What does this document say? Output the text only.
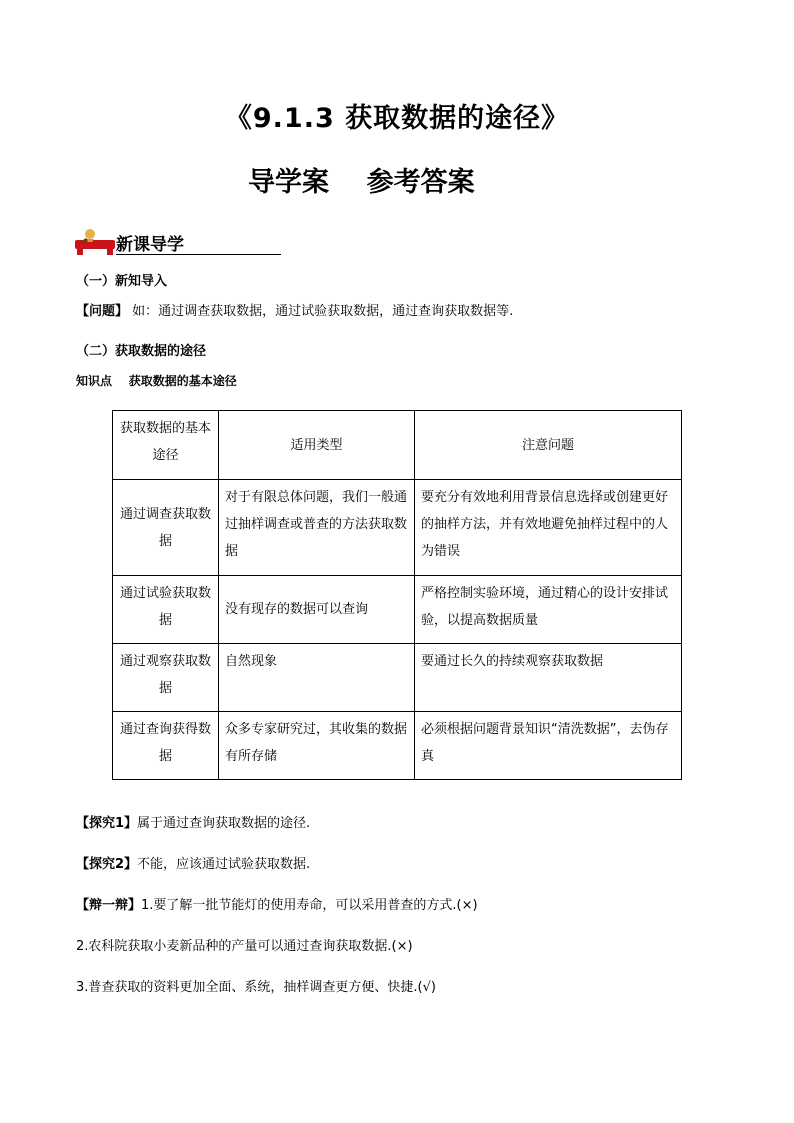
《9.1.3 获取数据的途径》
导学案 参考答案
新课导学
（一）新知导入
【问题】 如：通过调查获取数据，通过试验获取数据，通过查询获取数据等.
（二）获取数据的途径
知识点 获取数据的基本途径
获取数据的基本途径	适用类型	注意问题
通过调查获取数据	对于有限总体问题，我们一般通过抽样调查或普查的方法获取数据	要充分有效地利用背景信息选择或创建更好的抽样方法，并有效地避免抽样过程中的人为错误
通过试验获取数据	没有现存的数据可以查询	严格控制实验环境，通过精心的设计安排试验，以提高数据质量
通过观察获取数据	自然现象	要通过长久的持续观察获取数据
通过查询获得数据	众多专家研究过，其收集的数据有所存储	必须根据问题背景知识“清洗数据”，去伪存真
【探究1】属于通过查询获取数据的途径.
【探究2】不能，应该通过试验获取数据.
【辩一辩】1.要了解一批节能灯的使用寿命，可以采用普查的方式.(×)
2.农科院获取小麦新品种的产量可以通过查询获取数据.(×)
3.普查获取的资料更加全面、系统，抽样调查更方便、快捷.(√)
